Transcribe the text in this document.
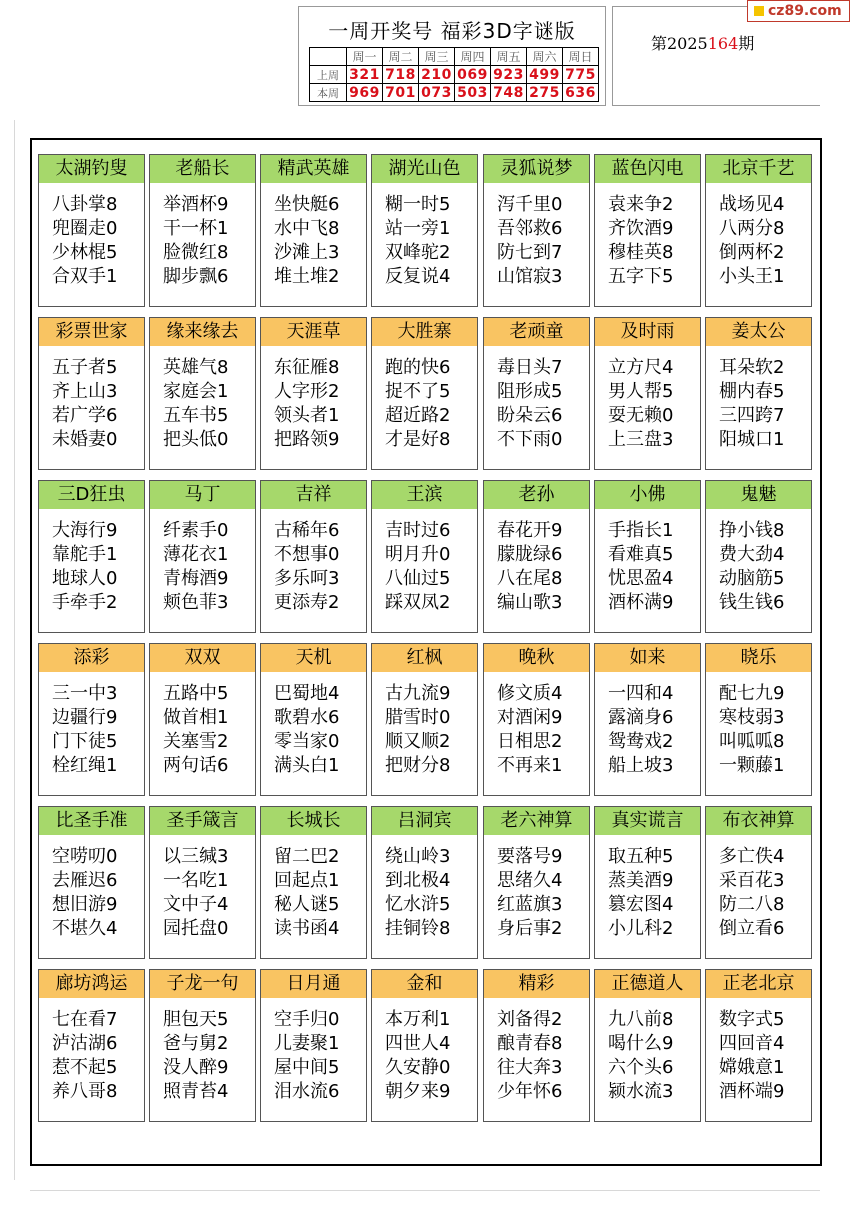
一周开奖号 福彩3D字谜版
	周一	周二	周三	周四	周五	周六	周日
上周	321	718	210	069	923	499	775
本周	969	701	073	503	748	275	636
第2025164期
cz89.com
太湖钓叟
八卦掌8
兜圈走0
少林棍5
合双手1
老船长
举酒杯9
干一杯1
脸微红8
脚步飘6
精武英雄
坐快艇6
水中飞8
沙滩上3
堆土堆2
湖光山色
糊一时5
站一旁1
双峰驼2
反复说4
灵狐说梦
泻千里0
吾邻救6
防七到7
山馆寂3
蓝色闪电
袁来争2
齐饮酒9
穆桂英8
五字下5
北京千艺
战场见4
八两分8
倒两杯2
小头王1
彩票世家
五子者5
齐上山3
若广学6
未婚妻0
缘来缘去
英雄气8
家庭会1
五车书5
把头低0
天涯草
东征雁8
人字形2
领头者1
把路领9
大胜寨
跑的快6
捉不了5
超近路2
才是好8
老顽童
毒日头7
阻形成5
盼朵云6
不下雨0
及时雨
立方尺4
男人帮5
耍无赖0
上三盘3
姜太公
耳朵软2
棚内春5
三四跨7
阳城口1
三D狂虫
大海行9
靠舵手1
地球人0
手牵手2
马丁
纤素手0
薄花衣1
青梅酒9
颊色菲3
吉祥
古稀年6
不想事0
多乐呵3
更添寿2
王滨
吉时过6
明月升0
八仙过5
踩双凤2
老孙
春花开9
朦胧绿6
八在尾8
编山歌3
小佛
手指长1
看难真5
忧思盈4
酒杯满9
鬼魅
挣小钱8
费大劲4
动脑筋5
钱生钱6
添彩
三一中3
边疆行9
门下徒5
栓红绳1
双双
五路中5
做首相1
关塞雪2
两句话6
天机
巴蜀地4
歌碧水6
零当家0
满头白1
红枫
古九流9
腊雪时0
顺又顺2
把财分8
晚秋
修文质4
对酒闲9
日相思2
不再来1
如来
一四和4
露滴身6
鸳鸯戏2
船上坡3
晓乐
配七九9
寒枝弱3
叫呱呱8
一颗藤1
比圣手准
空唠叨0
去雁迟6
想旧游9
不堪久4
圣手箴言
以三缄3
一名吃1
文中子4
园托盘0
长城长
留二巴2
回起点1
秘人谜5
读书函4
吕洞宾
绕山岭3
到北极4
忆水浒5
挂铜铃8
老六神算
要落号9
思绪久4
红蓝旗3
身后事2
真实谎言
取五种5
蒸美酒9
篡宏图4
小儿科2
布衣神算
多亡佚4
采百花3
防二八8
倒立看6
廊坊鸿运
七在看7
泸沽湖6
惹不起5
养八哥8
子龙一句
胆包天5
爸与舅2
没人醉9
照青苔4
日月通
空手归0
儿妻聚1
屋中间5
泪水流6
金和
本万利1
四世人4
久安静0
朝夕来9
精彩
刘备得2
酿青春8
往大奔3
少年怀6
正德道人
九八前8
喝什么9
六个头6
颍水流3
正老北京
数字式5
四回音4
嫦娥意1
酒杯端9
